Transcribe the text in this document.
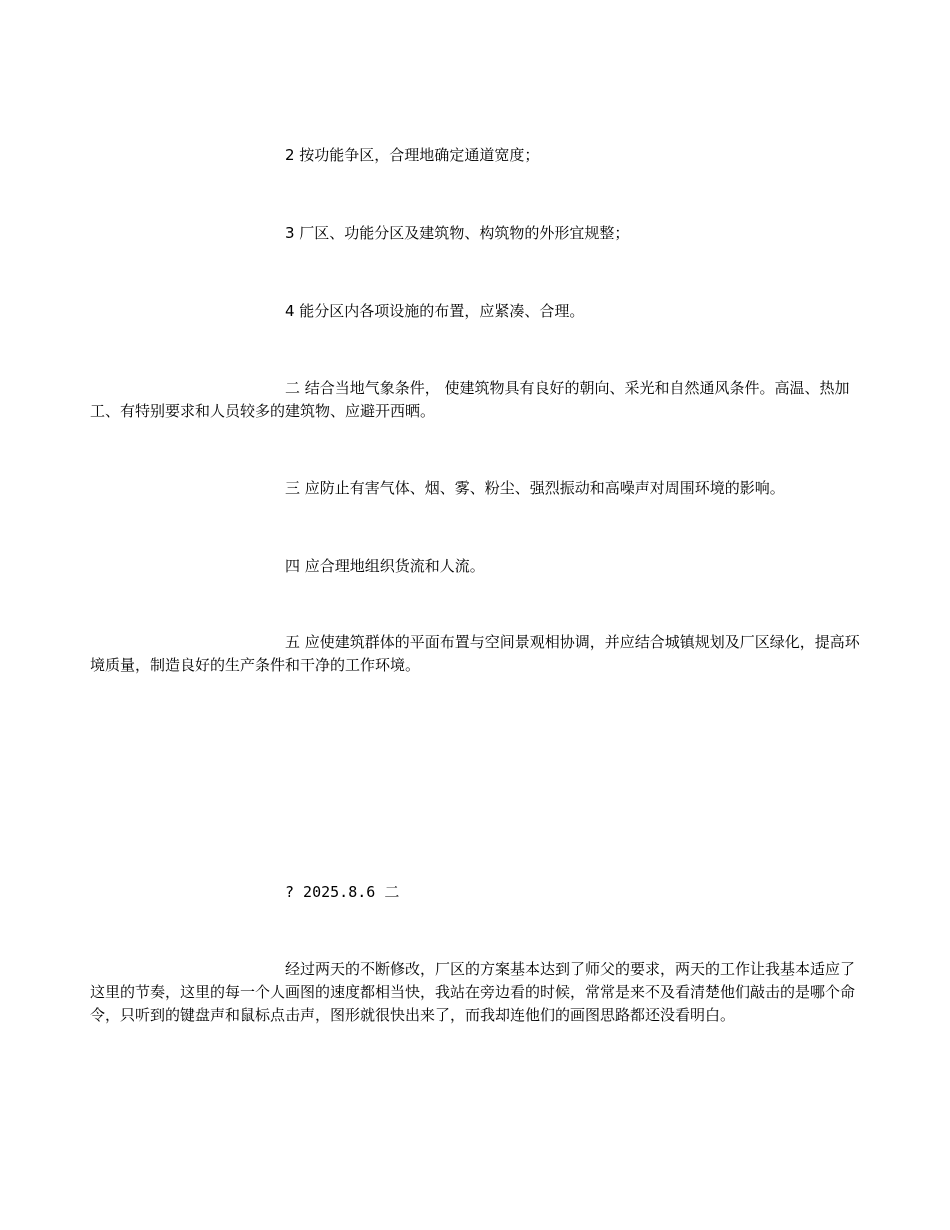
2 按功能争区，合理地确定通道宽度；

3 厂区、功能分区及建筑物、构筑物的外形宜规整；

4 能分区内各项设施的布置，应紧凑、合理。

二 结合当地气象条件， 使建筑物具有良好的朝向、采光和自然通风条件。高温、热加工、有特别要求和人员较多的建筑物、应避开西晒。

三 应防止有害气体、烟、雾、粉尘、强烈振动和高噪声对周围环境的影响。

四 应合理地组织货流和人流。

五 应使建筑群体的平面布置与空间景观相协调，并应结合城镇规划及厂区绿化，提高环境质量，制造良好的生产条件和干净的工作环境。

? 2025.8.6 二

经过两天的不断修改，厂区的方案基本达到了师父的要求，两天的工作让我基本适应了这里的节奏，这里的每一个人画图的速度都相当快，我站在旁边看的时候，常常是来不及看清楚他们敲击的是哪个命令，只听到的键盘声和鼠标点击声，图形就很快出来了，而我却连他们的画图思路都还没看明白。
